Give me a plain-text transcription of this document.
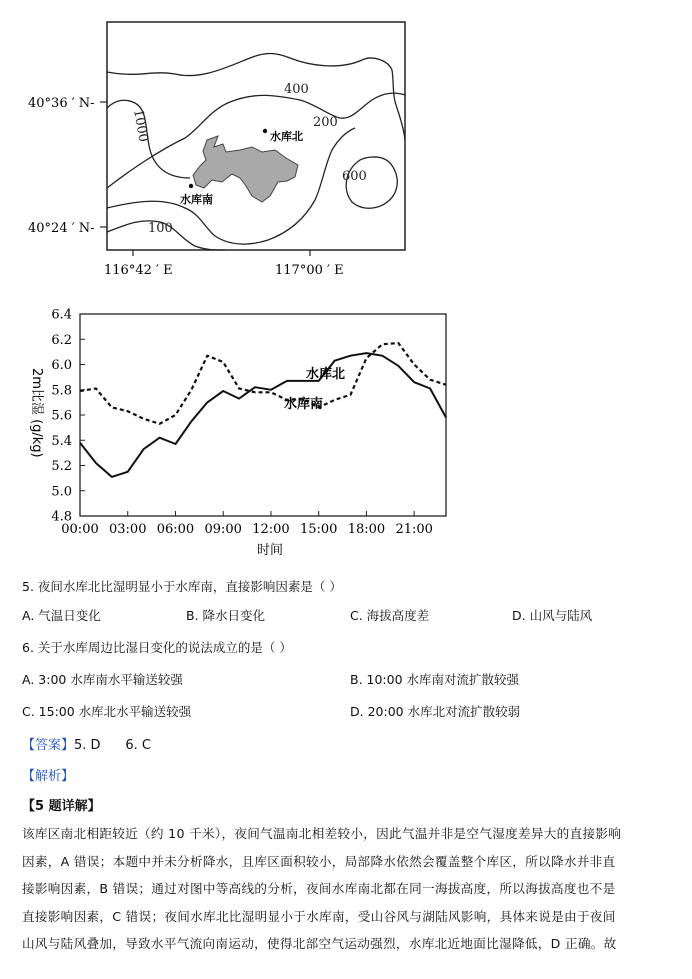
40°36 ′ N-
40°24 ′ N-
116°42 ′ E	117°00 ′ E
400
200
1000
600
100
水库北
水库南
6.4
6.2
6.0
5.8
5.6
5.4
5.2
5.0
4.8
00:00 03:00 06:00 09:00 12:00 15:00 18:00 21:00
水库北
水库南
时间
2m比湿 (g/kg)
5. 夜间水库北比湿明显小于水库南，直接影响因素是（ ）
A. 气温日变化	B. 降水日变化	C. 海拔高度差	D. 山风与陆风
6. 关于水库周边比湿日变化的说法成立的是（ ）
A. 3:00 水库南水平输送较强	B. 10:00 水库南对流扩散较强
C. 15:00 水库北水平输送较强	D. 20:00 水库北对流扩散较弱
【答案】5. D      6. C
【解析】
【5 题详解】
该库区南北相距较近（约 10 千米），夜间气温南北相差较小，因此气温并非是空气湿度差异大的直接影响
因素，A 错误；本题中并未分析降水，且库区面积较小，局部降水依然会覆盖整个库区，所以降水并非直
接影响因素，B 错误；通过对图中等高线的分析，夜间水库南北都在同一海拔高度，所以海拔高度也不是
直接影响因素，C 错误；夜间水库北比湿明显小于水库南，受山谷风与湖陆风影响，具体来说是由于夜间
山风与陆风叠加，导致水平气流向南运动，使得北部空气运动强烈，水库北近地面比湿降低，D 正确。故
